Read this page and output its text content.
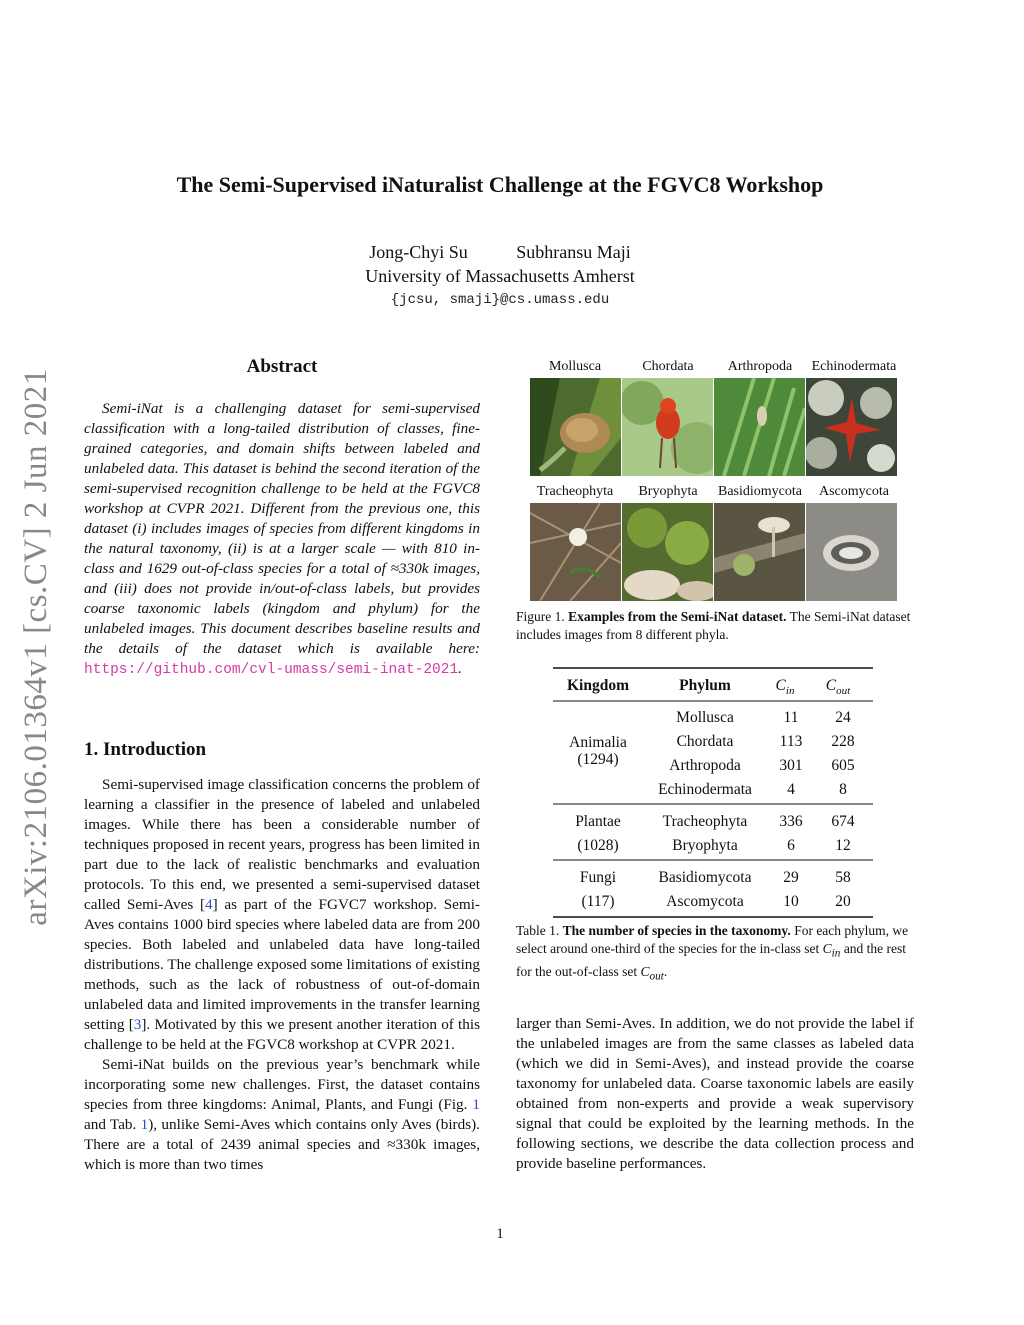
The Semi-Supervised iNaturalist Challenge at the FGVC8 Workshop
Jong-Chyi Su	Subhransu Maji
University of Massachusetts Amherst
{jcsu, smaji}@cs.umass.edu
arXiv:2106.01364v1 [cs.CV] 2 Jun 2021
Abstract

Semi-iNat is a challenging dataset for semi-supervised classification with a long-tailed distribution of classes, fine-grained categories, and domain shifts between labeled and unlabeled data. This dataset is behind the second iteration of the semi-supervised recognition challenge to be held at the FGVC8 workshop at CVPR 2021. Different from the previous one, this dataset (i) includes images of species from different kingdoms in the natural taxonomy, (ii) is at a larger scale — with 810 in-class and 1629 out-of-class species for a total of ≈330k images, and (iii) does not provide in/out-of-class labels, but provides coarse taxonomic labels (kingdom and phylum) for the unlabeled images. This document describes baseline results and the details of the dataset which is available here: https://github.com/cvl-umass/semi-inat-2021.

1. Introduction

Semi-supervised image classification concerns the problem of learning a classifier in the presence of labeled and unlabeled images. While there has been a considerable number of techniques proposed in recent years, progress has been limited in part due to the lack of realistic benchmarks and evaluation protocols. To this end, we presented a semi-supervised dataset called Semi-Aves [4] as part of the FGVC7 workshop. Semi-Aves contains 1000 bird species where labeled data are from 200 species. Both labeled and unlabeled data have long-tailed distributions. The challenge exposed some limitations of existing methods, such as the lack of robustness of out-of-domain unlabeled data and limited improvements in the transfer learning setting [3]. Motivated by this we present another iteration of this challenge to be held at the FGVC8 workshop at CVPR 2021.

Semi-iNat builds on the previous year’s benchmark while incorporating some new challenges. First, the dataset contains species from three kingdoms: Animal, Plants, and Fungi (Fig. 1 and Tab. 1), unlike Semi-Aves which contains only Aves (birds). There are a total of 2439 animal species and ≈330k images, which is more than two times

Mollusca	Chordata	Arthropoda	Echinodermata
Tracheophyta	Bryophyta	Basidiomycota	Ascomycota
Figure 1. Examples from the Semi-iNat dataset. The Semi-iNat dataset includes images from 8 different phyla.
Kingdom	Phylum	$C_{in}$ $C_{out}$
Animalia
(1294)
Mollusca	11 24
Chordata	113 228
Arthropoda 301 605
Echinodermata 4	8
Plantae
(1028)
Tracheophyta 336 674
Bryophyta	6	12
Fungi
(117)
Basidiomycota 29 58
Ascomycota	10 20
Table 1. The number of species in the taxonomy. For each phylum, we select around one-third of the species for the in-class set $C_{in}$ and the rest for the out-of-class set $C_{out}$.

larger than Semi-Aves. In addition, we do not provide the label if the unlabeled images are from the same classes as labeled data (which we did in Semi-Aves), and instead provide the coarse taxonomy for unlabeled data. Coarse taxonomic labels are easily obtained from non-experts and provide a weak supervisory signal that could be exploited by the learning methods. In the following sections, we describe the data collection process and provide baseline performances.

1
